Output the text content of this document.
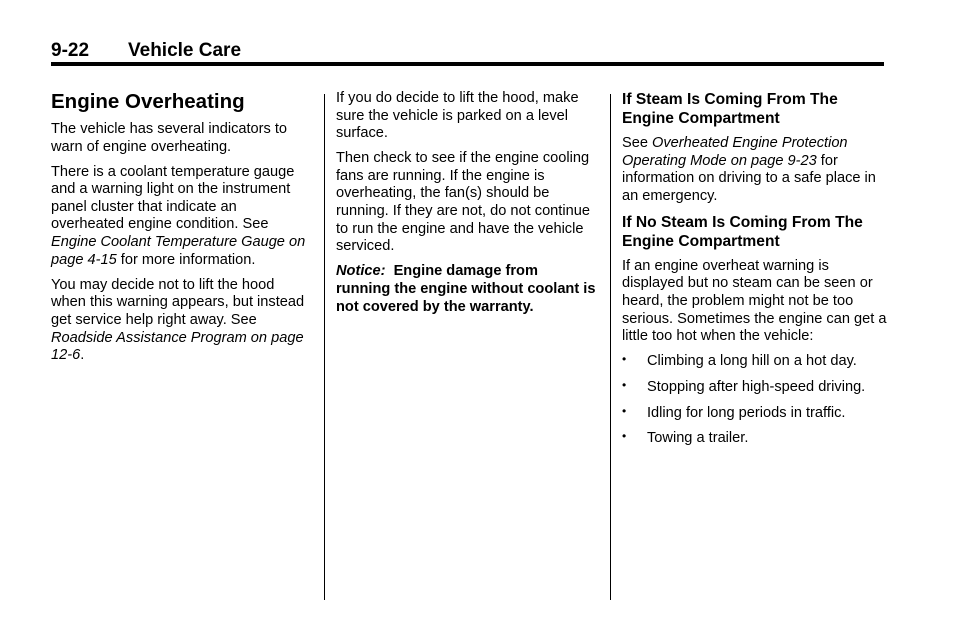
9-22 Vehicle Care
Engine Overheating

The vehicle has several indicators to warn of engine overheating.

There is a coolant temperature gauge and a warning light on the instrument panel cluster that indicate an overheated engine condition. See Engine Coolant Temperature Gauge on page 4-15 for more information.

You may decide not to lift the hood when this warning appears, but instead get service help right away. See Roadside Assistance Program on page 12-6.

If you do decide to lift the hood, make sure the vehicle is parked on a level surface.

Then check to see if the engine cooling fans are running. If the engine is overheating, the fan(s) should be running. If they are not, do not continue to run the engine and have the vehicle serviced.

Notice: Engine damage from running the engine without coolant is not covered by the warranty.

If Steam Is Coming From The Engine Compartment

See Overheated Engine Protection Operating Mode on page 9-23 for information on driving to a safe place in an emergency.

If No Steam Is Coming From The Engine Compartment

If an engine overheat warning is displayed but no steam can be seen or heard, the problem might not be too serious. Sometimes the engine can get a little too hot when the vehicle:

• Climbing a long hill on a hot day.
• Stopping after high-speed driving.
• Idling for long periods in traffic.
• Towing a trailer.
